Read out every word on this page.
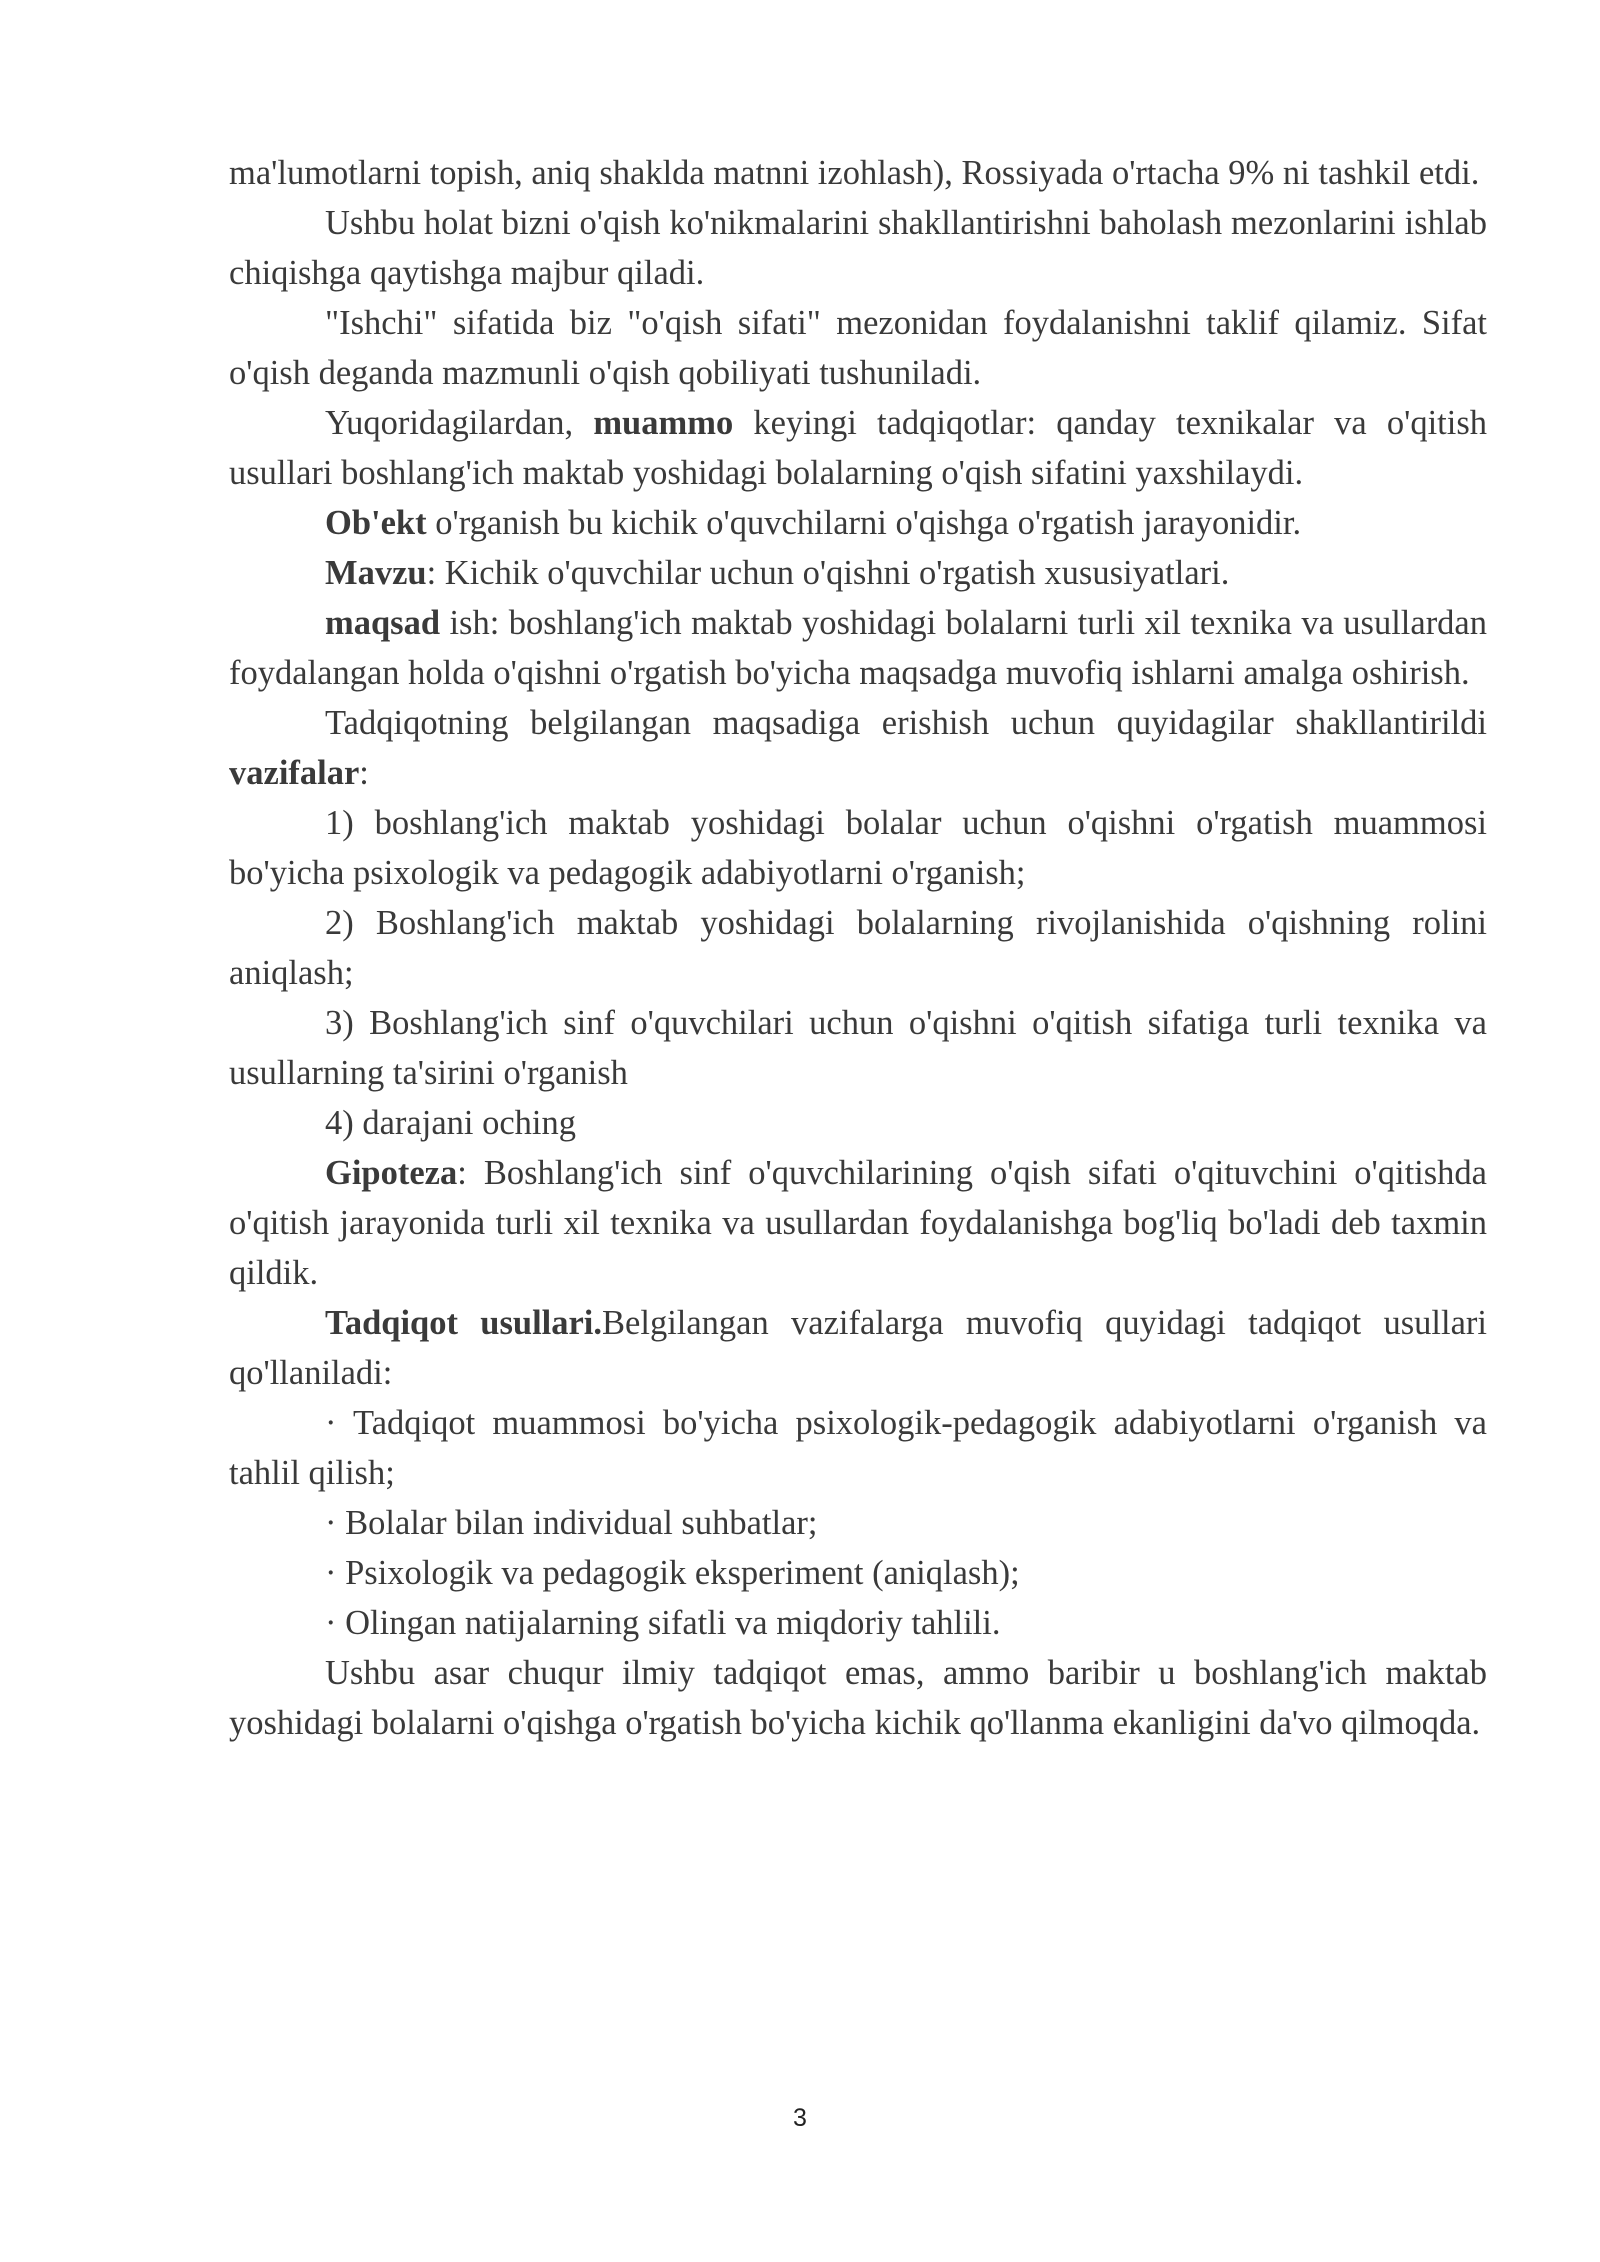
ma'lumotlarni topish, aniq shaklda matnni izohlash), Rossiyada o'rtacha 9% ni tashkil etdi.

Ushbu holat bizni o'qish ko'nikmalarini shakllantirishni baholash mezonlarini ishlab chiqishga qaytishga majbur qiladi.

"Ishchi" sifatida biz "o'qish sifati" mezonidan foydalanishni taklif qilamiz. Sifat o'qish deganda mazmunli o'qish qobiliyati tushuniladi.

Yuqoridagilardan, muammo keyingi tadqiqotlar: qanday texnikalar va o'qitish usullari boshlang'ich maktab yoshidagi bolalarning o'qish sifatini yaxshilaydi.

Ob'ekt o'rganish bu kichik o'quvchilarni o'qishga o'rgatish jarayonidir.

Mavzu: Kichik o'quvchilar uchun o'qishni o'rgatish xususiyatlari.

maqsad ish: boshlang'ich maktab yoshidagi bolalarni turli xil texnika va usullardan foydalangan holda o'qishni o'rgatish bo'yicha maqsadga muvofiq ishlarni amalga oshirish.

Tadqiqotning belgilangan maqsadiga erishish uchun quyidagilar shakllantirildi vazifalar:

1) boshlang'ich maktab yoshidagi bolalar uchun o'qishni o'rgatish muammosi bo'yicha psixologik va pedagogik adabiyotlarni o'rganish;

2) Boshlang'ich maktab yoshidagi bolalarning rivojlanishida o'qishning rolini aniqlash;

3) Boshlang'ich sinf o'quvchilari uchun o'qishni o'qitish sifatiga turli texnika va usullarning ta'sirini o'rganish

4) darajani oching

Gipoteza: Boshlang'ich sinf o'quvchilarining o'qish sifati o'qituvchini o'qitishda o'qitish jarayonida turli xil texnika va usullardan foydalanishga bog'liq bo'ladi deb taxmin qildik.

Tadqiqot usullari.Belgilangan vazifalarga muvofiq quyidagi tadqiqot usullari qo'llaniladi:

· Tadqiqot muammosi bo'yicha psixologik-pedagogik adabiyotlarni o'rganish va tahlil qilish;

· Bolalar bilan individual suhbatlar;

· Psixologik va pedagogik eksperiment (aniqlash);

· Olingan natijalarning sifatli va miqdoriy tahlili.

Ushbu asar chuqur ilmiy tadqiqot emas, ammo baribir u boshlang'ich maktab yoshidagi bolalarni o'qishga o'rgatish bo'yicha kichik qo'llanma ekanligini da'vo qilmoqda.

3
